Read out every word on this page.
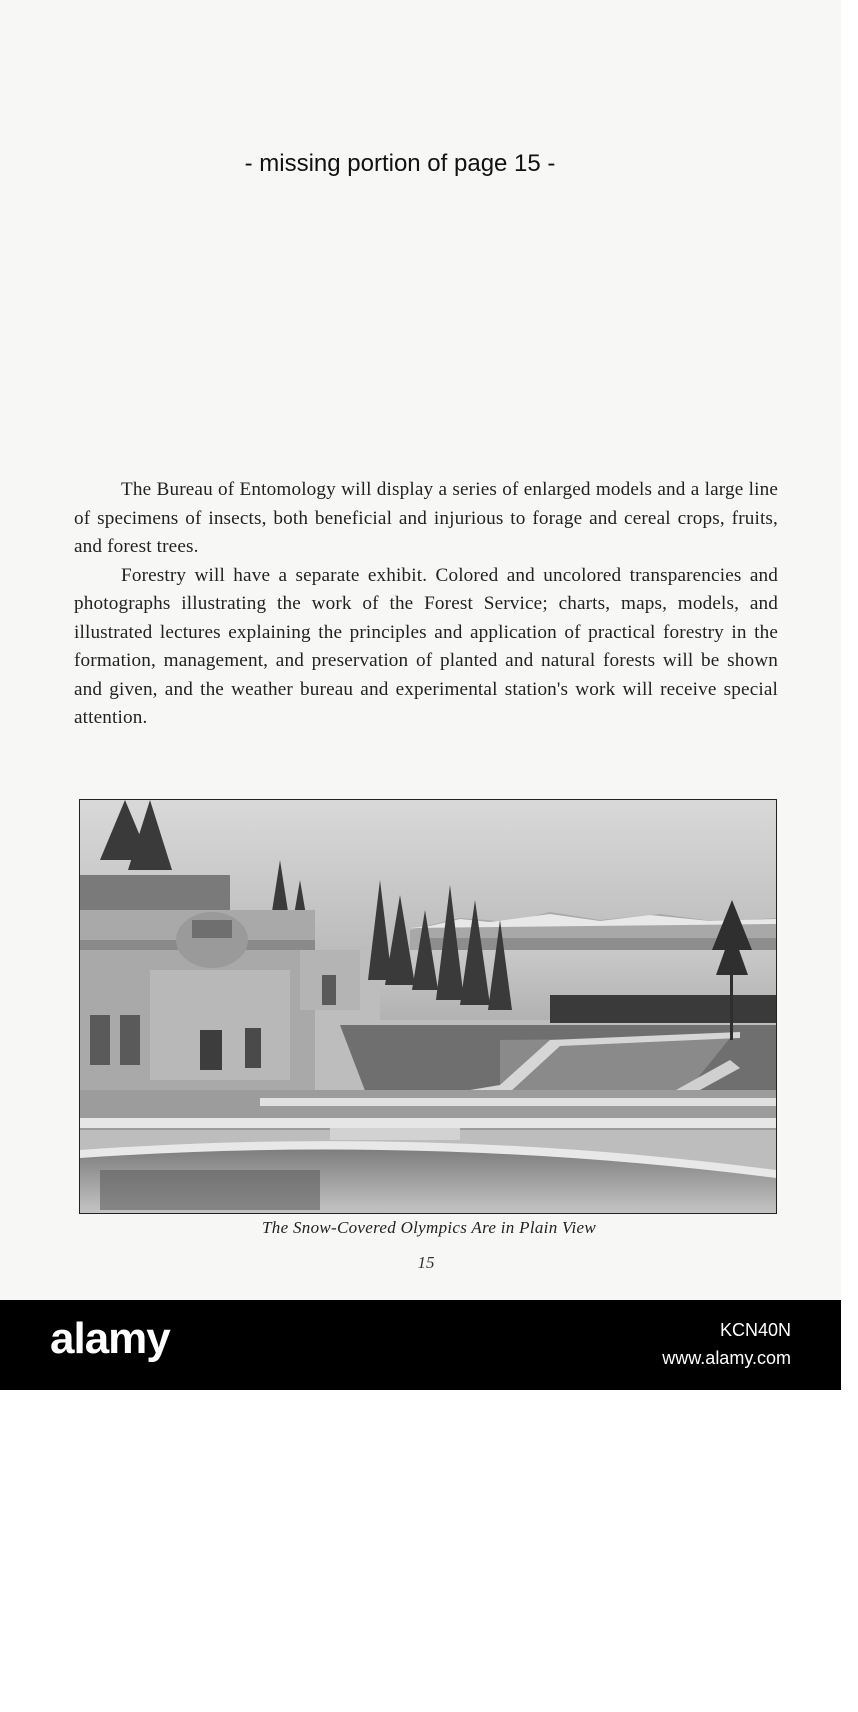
- missing portion of page 15 -

The Bureau of Entomology will display a series of enlarged models and a large line of specimens of insects, both beneficial and injurious to forage and cereal crops, fruits, and forest trees.

Forestry will have a separate exhibit. Colored and uncolored transparencies and photographs illustrating the work of the Forest Service; charts, maps, models, and illustrated lectures explaining the principles and application of practical forestry in the formation, management, and preservation of planted and natural forests will be shown and given, and the weather bureau and experimental station's work will receive special attention.

alamy
The Snow-Covered Olympics Are in Plain View
15
alamy	KCN40N
www.alamy.com
